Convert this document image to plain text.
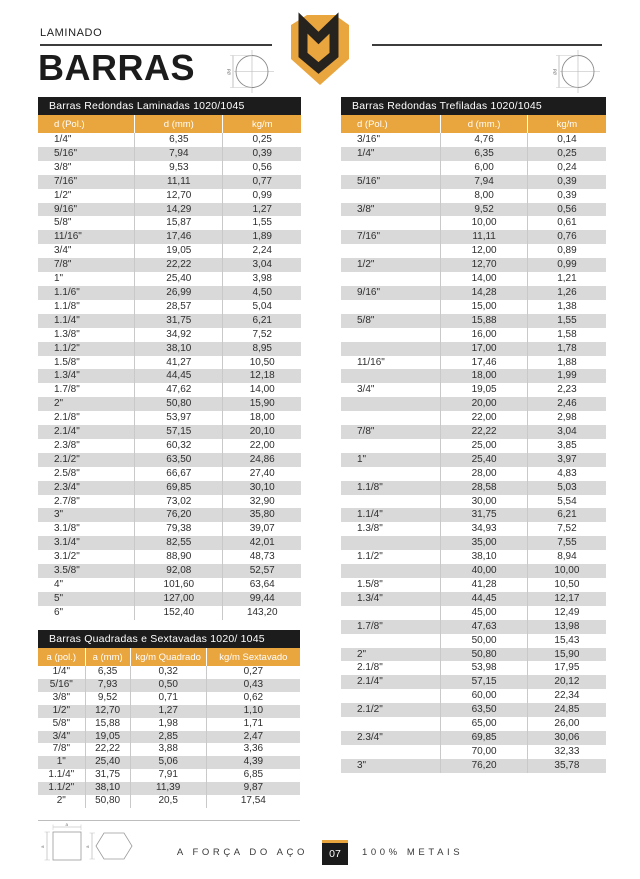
LAMINADO
BARRAS	Ød	Ød
Barras Redondas Laminadas 1020/1045
d (Pol.)	d (mm)	kg/m
1/4"	6,35	0,25
5/16"	7,94	0,39
3/8"	9,53	0,56
7/16"	11,11	0,77
1/2"	12,70	0,99
9/16"	14,29	1,27
5/8"	15,87	1,55
11/16"	17,46	1,89
3/4"	19,05	2,24
7/8"	22,22	3,04
1"	25,40	3,98
1.1/6"	26,99	4,50
1.1/8"	28,57	5,04
1.1/4"	31,75	6,21
1.3/8"	34,92	7,52
1.1/2"	38,10	8,95
1.5/8"	41,27	10,50
1.3/4"	44,45	12,18
1.7/8"	47,62	14,00
2"	50,80	15,90
2.1/8"	53,97	18,00
2.1/4"	57,15	20,10
2.3/8"	60,32	22,00
2.1/2"	63,50	24,86
2.5/8"	66,67	27,40
2.3/4"	69,85	30,10
2.7/8"	73,02	32,90
3"	76,20	35,80
3.1/8"	79,38	39,07
3.1/4"	82,55	42,01
3.1/2"	88,90	48,73
3.5/8"	92,08	52,57
4"	101,60	63,64
5"	127,00	99,44
6"	152,40	143,20
Barras Redondas Trefiladas 1020/1045
d (Pol.)	d (mm.)	kg/m
3/16"	4,76	0,14
1/4"	6,35	0,25
	6,00	0,24
5/16"	7,94	0,39
	8,00	0,39
3/8"	9,52	0,56
	10,00	0,61
7/16"	11,11	0,76
	12,00	0,89
1/2"	12,70	0,99
	14,00	1,21
9/16"	14,28	1,26
	15,00	1,38
5/8"	15,88	1,55
	16,00	1,58
	17,00	1,78
11/16"	17,46	1,88
	18,00	1,99
3/4"	19,05	2,23
	20,00	2,46
	22,00	2,98
7/8"	22,22	3,04
	25,00	3,85
1"	25,40	3,97
	28,00	4,83
1.1/8"	28,58	5,03
	30,00	5,54
1.1/4"	31,75	6,21
1.3/8"	34,93	7,52
	35,00	7,55
1.1/2"	38,10	8,94
	40,00	10,00
1.5/8"	41,28	10,50
1.3/4"	44,45	12,17
	45,00	12,49
1.7/8"	47,63	13,98
	50,00	15,43
2"	50,80	15,90
2.1/8"	53,98	17,95
2.1/4"	57,15	20,12
	60,00	22,34
2.1/2"	63,50	24,85
	65,00	26,00
2.3/4"	69,85	30,06
	70,00	32,33
3"	76,20	35,78
Barras Quadradas e Sextavadas 1020/ 1045
a (pol.)	a (mm)	kg/m Quadrado	kg/m Sextavado
1/4"	6,35	0,32	0,27
5/16"	7,93	0,50	0,43
3/8"	9,52	0,71	0,62
1/2"	12,70	1,27	1,10
5/8"	15,88	1,98	1,71
3/4"	19,05	2,85	2,47
7/8"	22,22	3,88	3,36
1"	25,40	5,06	4,39
1.1/4"	31,75	7,91	6,85
1.1/2"	38,10	11,39	9,87
2"	50,80	20,5	17,54
a
a	a
A FORÇA DO AÇO	07	100% METAIS
